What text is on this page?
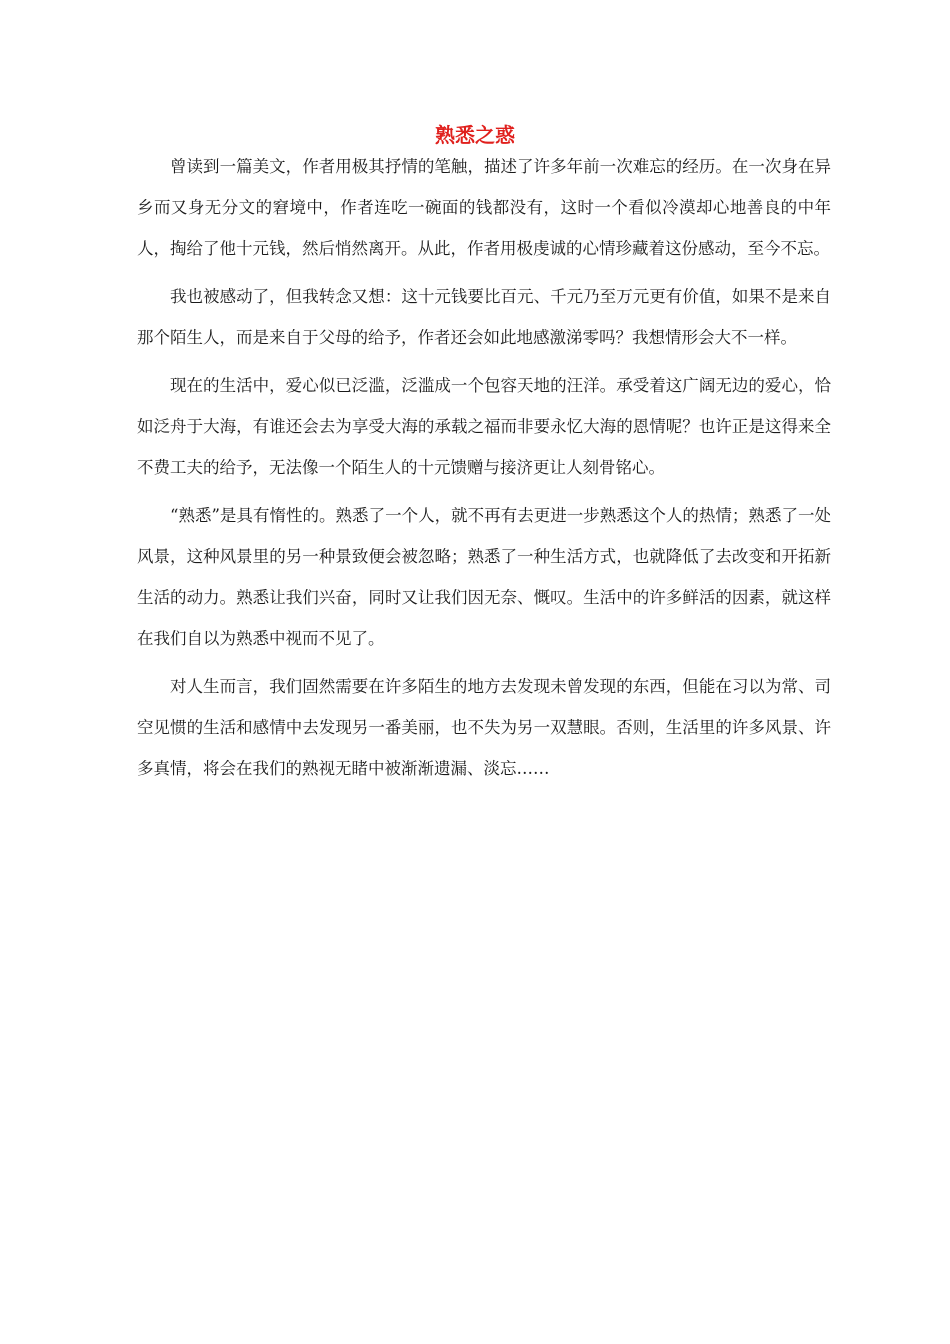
熟悉之惑

曾读到一篇美文，作者用极其抒情的笔触，描述了许多年前一次难忘的经历。在一次身在异乡而又身无分文的窘境中，作者连吃一碗面的钱都没有，这时一个看似冷漠却心地善良的中年人，掏给了他十元钱，然后悄然离开。从此，作者用极虔诚的心情珍藏着这份感动，至今不忘。

我也被感动了，但我转念又想：这十元钱要比百元、千元乃至万元更有价值，如果不是来自那个陌生人，而是来自于父母的给予，作者还会如此地感激涕零吗？我想情形会大不一样。

现在的生活中，爱心似已泛滥，泛滥成一个包容天地的汪洋。承受着这广阔无边的爱心，恰如泛舟于大海，有谁还会去为享受大海的承载之福而非要永忆大海的恩情呢？也许正是这得来全不费工夫的给予，无法像一个陌生人的十元馈赠与接济更让人刻骨铭心。

“熟悉”是具有惰性的。熟悉了一个人，就不再有去更进一步熟悉这个人的热情；熟悉了一处风景，这种风景里的另一种景致便会被忽略；熟悉了一种生活方式，也就降低了去改变和开拓新生活的动力。熟悉让我们兴奋，同时又让我们因无奈、慨叹。生活中的许多鲜活的因素，就这样在我们自以为熟悉中视而不见了。

对人生而言，我们固然需要在许多陌生的地方去发现未曾发现的东西，但能在习以为常、司空见惯的生活和感情中去发现另一番美丽，也不失为另一双慧眼。否则，生活里的许多风景、许多真情，将会在我们的熟视无睹中被渐渐遗漏、淡忘……
